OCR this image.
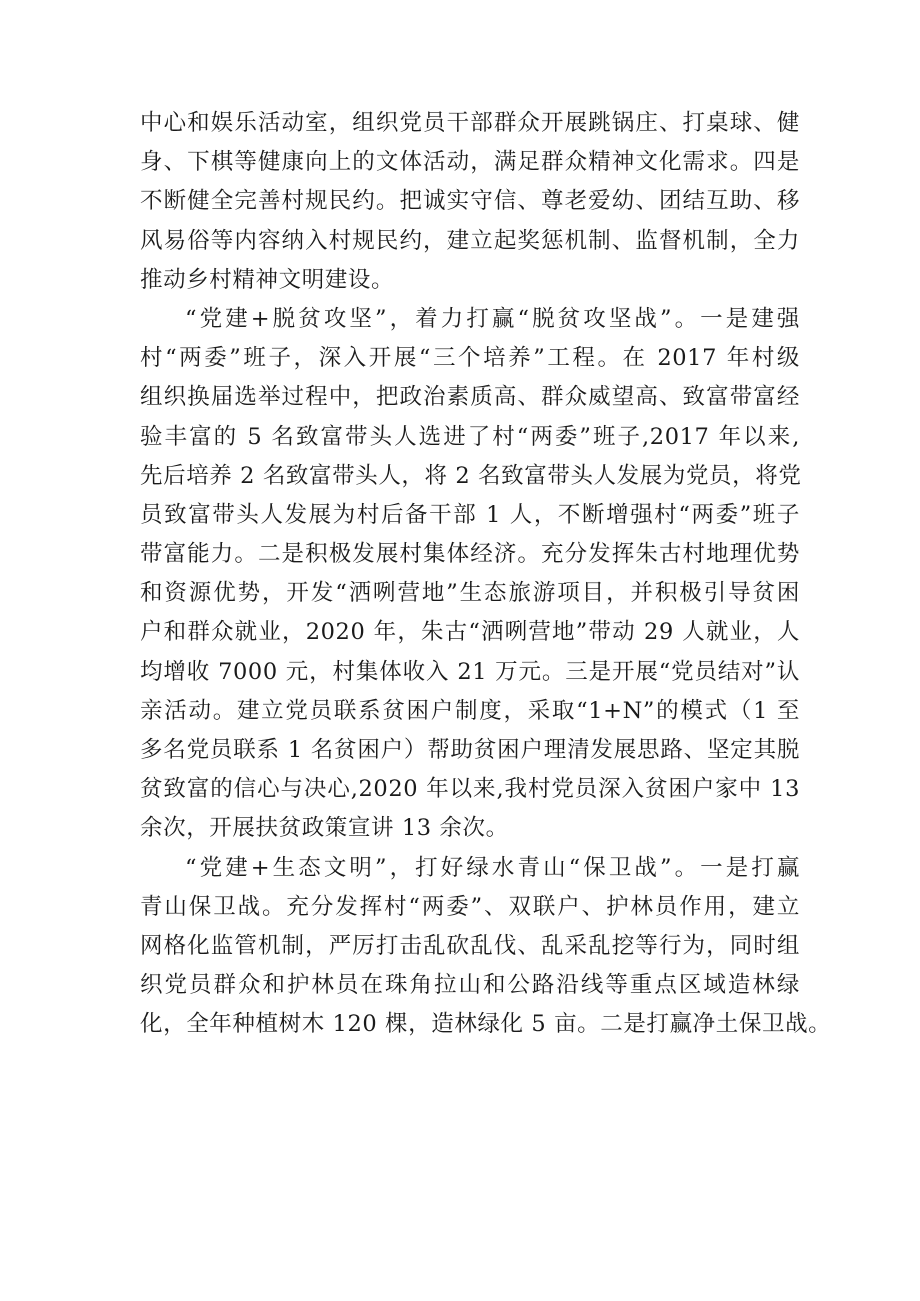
中心和娱乐活动室，组织党员干部群众开展跳锅庄、打桌球、健
身、下棋等健康向上的文体活动，满足群众精神文化需求。四是
不断健全完善村规民约。把诚实守信、尊老爱幼、团结互助、移
风易俗等内容纳入村规民约，建立起奖惩机制、监督机制，全力
推动乡村精神文明建设。
“党建+脱贫攻坚”，着力打赢“脱贫攻坚战”。一是建强
村“两委”班子，深入开展“三个培养”工程。在 2017 年村级
组织换届选举过程中，把政治素质高、群众威望高、致富带富经
验丰富的 5 名致富带头人选进了村“两委”班子,2017 年以来,
先后培养 2 名致富带头人，将 2 名致富带头人发展为党员，将党
员致富带头人发展为村后备干部 1 人，不断增强村“两委”班子
带富能力。二是积极发展村集体经济。充分发挥朱古村地理优势
和资源优势，开发“洒咧营地”生态旅游项目，并积极引导贫困
户和群众就业，2020 年，朱古“洒咧营地”带动 29 人就业，人
均增收 7000 元，村集体收入 21 万元。三是开展“党员结对”认
亲活动。建立党员联系贫困户制度，采取“1+N”的模式（1 至
多名党员联系 1 名贫困户）帮助贫困户理清发展思路、坚定其脱
贫致富的信心与决心,2020 年以来,我村党员深入贫困户家中 13
余次，开展扶贫政策宣讲 13 余次。
“党建+生态文明”，打好绿水青山“保卫战”。一是打赢
青山保卫战。充分发挥村“两委”、双联户、护林员作用，建立
网格化监管机制，严厉打击乱砍乱伐、乱采乱挖等行为，同时组
织党员群众和护林员在珠角拉山和公路沿线等重点区域造林绿
化，全年种植树木 120 棵，造林绿化 5 亩。二是打赢净土保卫战。
